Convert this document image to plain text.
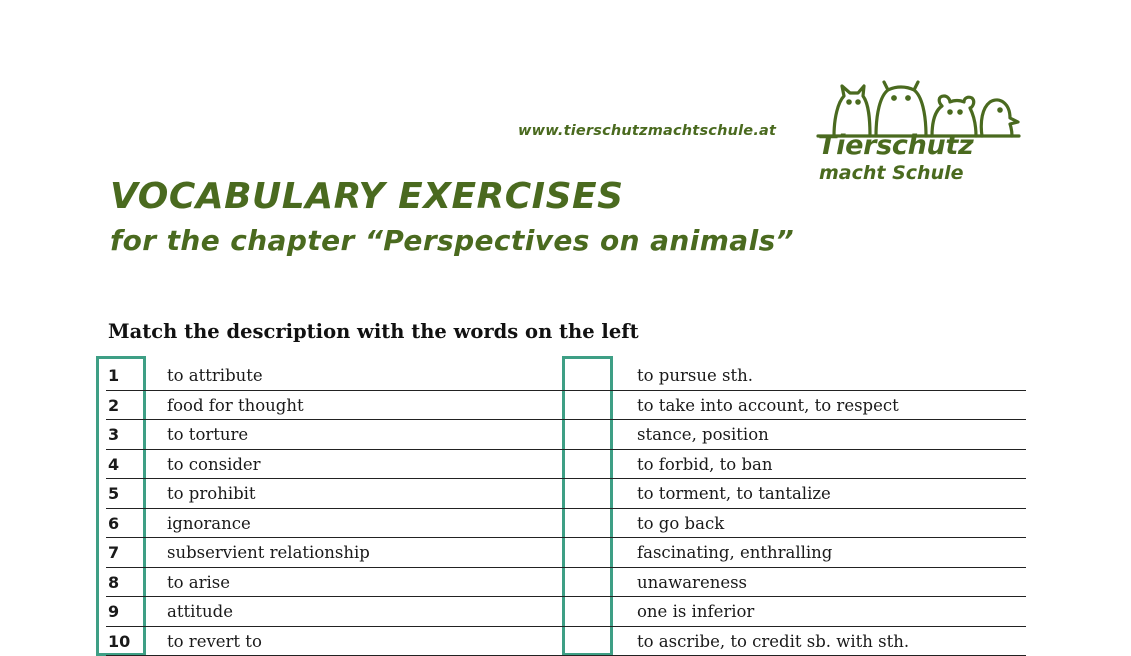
www.tierschutzmachtschule.at Tierschutz
macht Schule
VOCABULARY EXERCISES
for the chapter “Perspectives on animals”
Match the description with the words on the left
1	to attribute	to pursue sth.
2	food for thought	to take into account, to respect
3	to torture	stance, position
4	to consider	to forbid, to ban
5	to prohibit	to torment, to tantalize
6	ignorance	to go back
7	subservient relationship	fascinating, enthralling
8	to arise	unawareness
9	attitude	one is inferior
10 to revert to	to ascribe, to credit sb. with sth.
